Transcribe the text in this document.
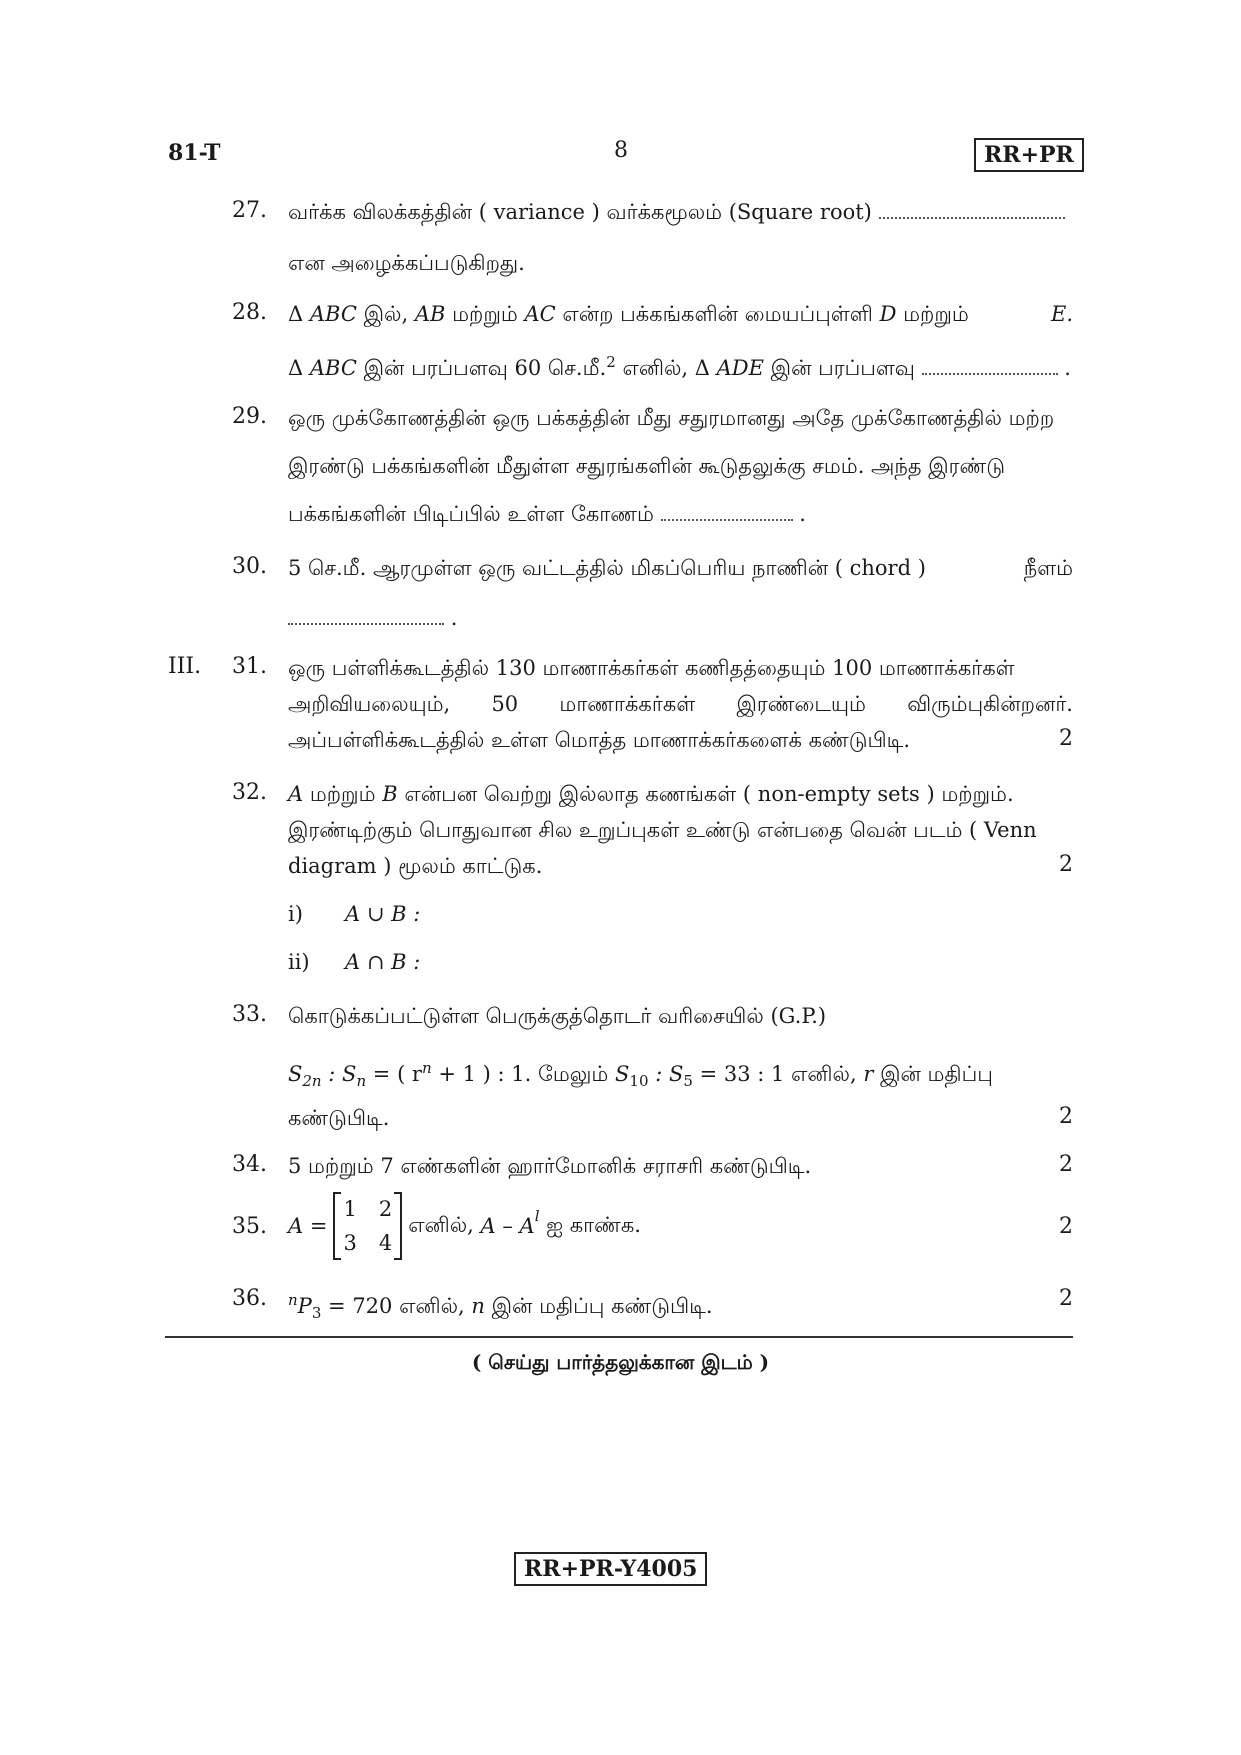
81-T	8	RR+PR
27. வர்க்க விலக்கத்தின் ( variance ) வர்க்கமூலம் (Square root)
என அழைக்கப்படுகிறது.
28. Δ ABC இல், AB மற்றும் AC என்ற பக்கங்களின் மையப்புள்ளி D மற்றும்	E.
Δ ABC இன் பரப்பளவு 60 செ.மீ.$^2$ எனில், Δ ADE இன் பரப்பளவு	.
29. ஒரு முக்கோணத்தின் ஒரு பக்கத்தின் மீது சதுரமானது அதே முக்கோணத்தில் மற்ற
இரண்டு பக்கங்களின் மீதுள்ள சதுரங்களின் கூடுதலுக்கு சமம். அந்த இரண்டு
பக்கங்களின் பிடிப்பில் உள்ள கோணம்	.
30. 5 செ.மீ. ஆரமுள்ள ஒரு வட்டத்தில் மிகப்பெரிய நாணின் ( chord )	நீளம்
.
III. 31. ஒரு பள்ளிக்கூடத்தில் 130 மாணாக்கர்கள் கணிதத்தையும் 100 மாணாக்கர்கள்
அறிவியலையும், 50 மாணாக்கர்கள் இரண்டையும் விரும்புகின்றனர்.
அப்பள்ளிக்கூடத்தில் உள்ள மொத்த மாணாக்கர்களைக் கண்டுபிடி.	2
32. A மற்றும் B என்பன வெற்று இல்லாத கணங்கள் ( non-empty sets ) மற்றும்.
இரண்டிற்கும் பொதுவான சில உறுப்புகள் உண்டு என்பதை வென் படம் ( Venn
diagram ) மூலம் காட்டுக.	2
i) A ∪ B :
ii) A ∩ B :
33. கொடுக்கப்பட்டுள்ள பெருக்குத்தொடர் வரிசையில் (G.P.)
$S_{2n}$ : $S_n$ = ( $r^n + 1$ ) : 1. மேலும் $S_{10}$ : $S_5 = 33$ : 1 எனில், r இன் மதிப்பு
கண்டுபிடி.	2
34. 5 மற்றும் 7 எண்களின் ஹார்மோனிக் சராசரி கண்டுபிடி.	2
35. A =
1 2
3 4
எனில்,
A – $A^l$
ஐ காண்க.	2
36. $^nP_3 = 720$ எனில், n இன் மதிப்பு கண்டுபிடி.	2
( செய்து பார்த்தலுக்கான இடம் )
RR+PR-Y4005
